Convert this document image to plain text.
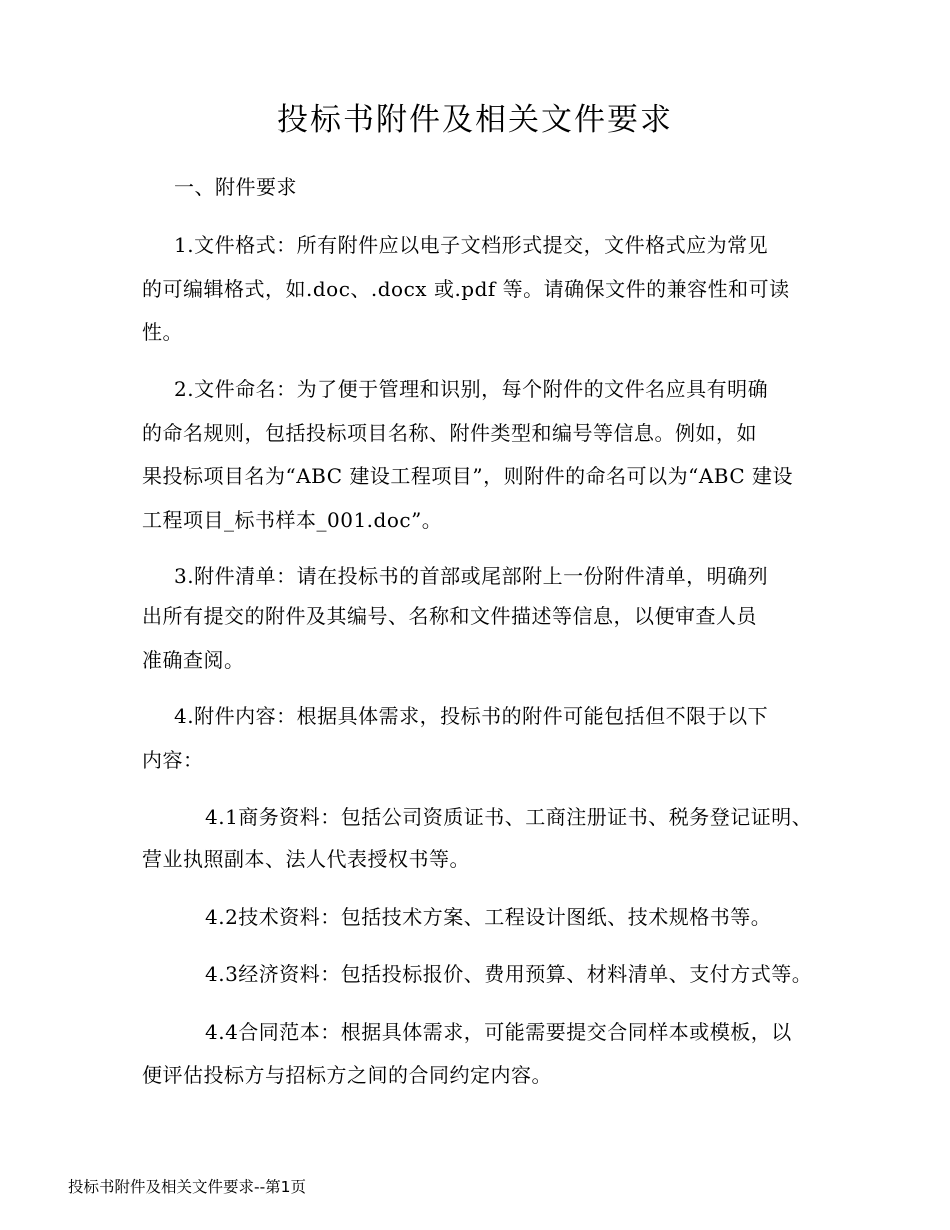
投标书附件及相关文件要求
一、附件要求
1.文件格式：所有附件应以电子文档形式提交，文件格式应为常见
的可编辑格式，如.doc、.docx 或.pdf 等。请确保文件的兼容性和可读
性。
2.文件命名：为了便于管理和识别，每个附件的文件名应具有明确
的命名规则，包括投标项目名称、附件类型和编号等信息。例如，如
果投标项目名为“ABC 建设工程项目”，则附件的命名可以为“ABC 建设
工程项目_标书样本_001.doc”。
3.附件清单：请在投标书的首部或尾部附上一份附件清单，明确列
出所有提交的附件及其编号、名称和文件描述等信息，以便审查人员
准确查阅。
4.附件内容：根据具体需求，投标书的附件可能包括但不限于以下
内容：
4.1商务资料：包括公司资质证书、工商注册证书、税务登记证明、
营业执照副本、法人代表授权书等。
4.2技术资料：包括技术方案、工程设计图纸、技术规格书等。
4.3经济资料：包括投标报价、费用预算、材料清单、支付方式等。
4.4合同范本：根据具体需求，可能需要提交合同样本或模板，以
便评估投标方与招标方之间的合同约定内容。
投标书附件及相关文件要求--第1页
